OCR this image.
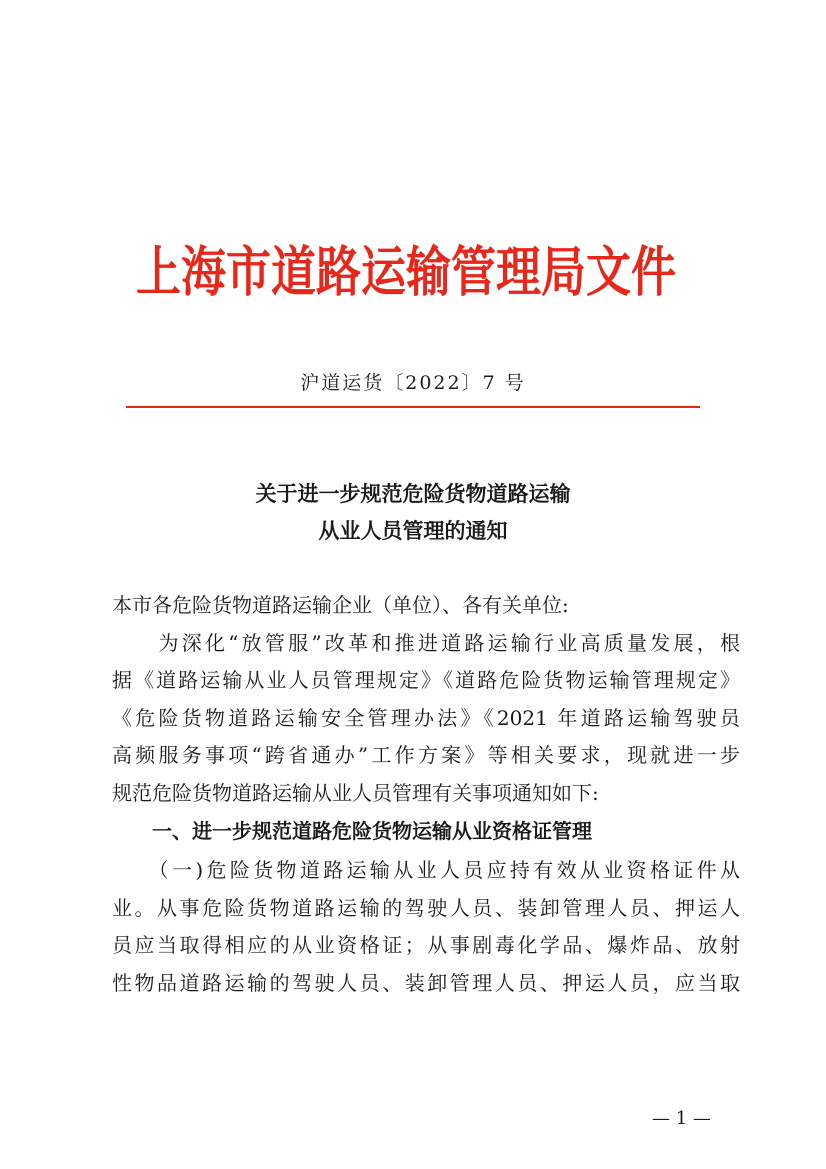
上海市道路运输管理局文件
沪道运货〔2022〕7 号
关于进一步规范危险货物道路运输
从业人员管理的通知
本市各危险货物道路运输企业（单位）、各有关单位:
　　为深化“放管服”改革和推进道路运输行业高质量发展，根
据《道路运输从业人员管理规定》《道路危险货物运输管理规定》
《危险货物道路运输安全管理办法》《2021 年道路运输驾驶员
高频服务事项“跨省通办”工作方案》等相关要求，现就进一步
规范危险货物道路运输从业人员管理有关事项通知如下:
　　一、进一步规范道路危险货物运输从业资格证管理
　　（一)危险货物道路运输从业人员应持有效从业资格证件从
业。从事危险货物道路运输的驾驶人员、装卸管理人员、押运人
员应当取得相应的从业资格证；从事剧毒化学品、爆炸品、放射
性物品道路运输的驾驶人员、装卸管理人员、押运人员，应当取
— 1 —
